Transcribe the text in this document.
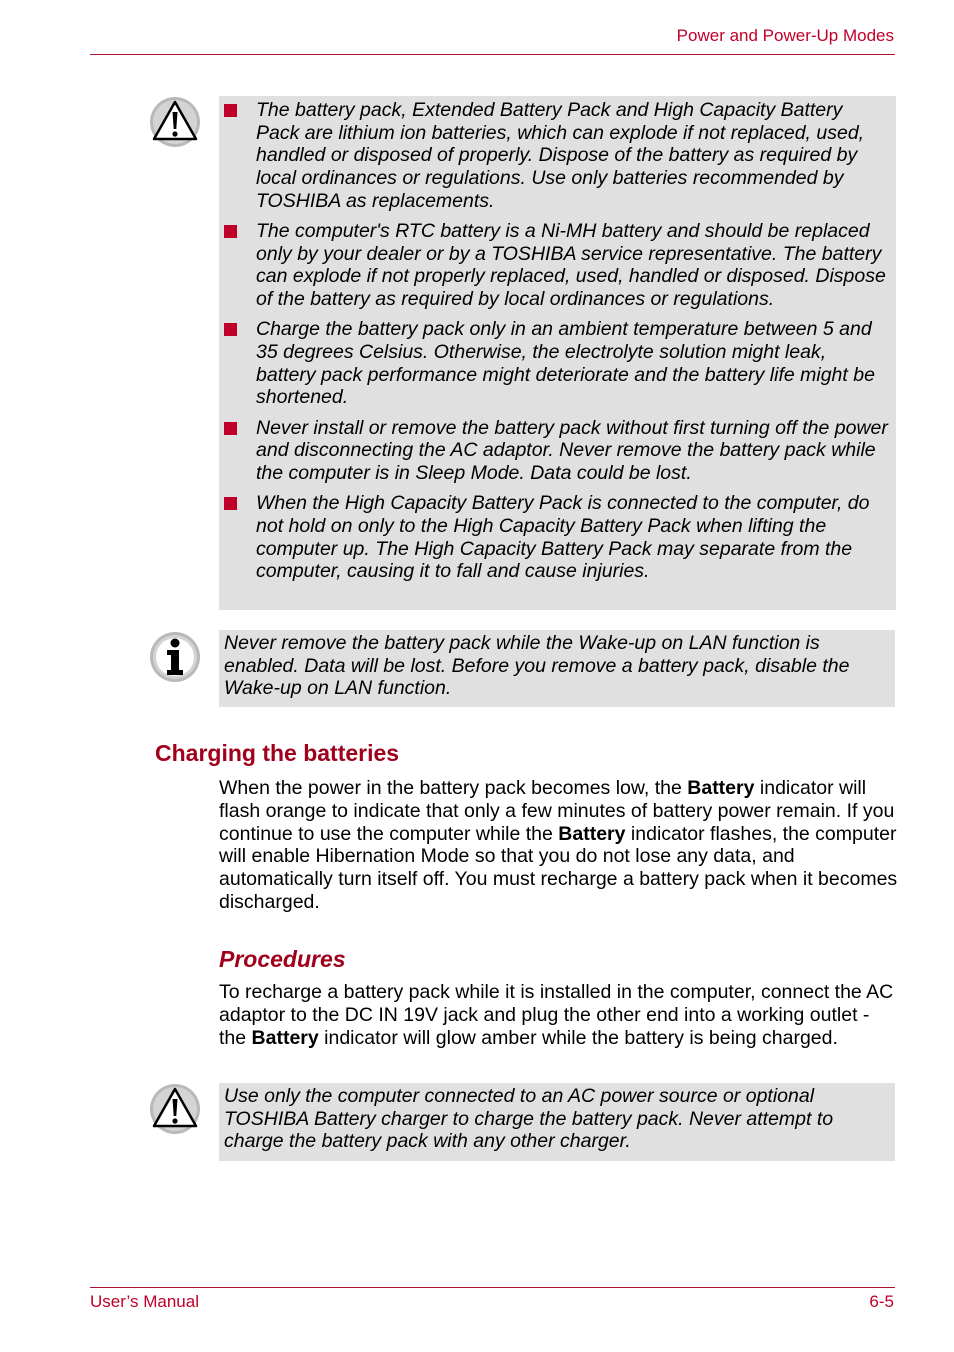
Power and Power-Up Modes
The battery pack, Extended Battery Pack and High Capacity Battery Pack are lithium ion batteries, which can explode if not replaced, used, handled or disposed of properly. Dispose of the battery as required by local ordinances or regulations. Use only batteries recommended by TOSHIBA as replacements.
The computer's RTC battery is a Ni-MH battery and should be replaced only by your dealer or by a TOSHIBA service representative. The battery can explode if not properly replaced, used, handled or disposed. Dispose of the battery as required by local ordinances or regulations.
Charge the battery pack only in an ambient temperature between 5 and 35 degrees Celsius. Otherwise, the electrolyte solution might leak, battery pack performance might deteriorate and the battery life might be shortened.
Never install or remove the battery pack without first turning off the power and disconnecting the AC adaptor. Never remove the battery pack while the computer is in Sleep Mode. Data could be lost.
When the High Capacity Battery Pack is connected to the computer, do not hold on only to the High Capacity Battery Pack when lifting the computer up. The High Capacity Battery Pack may separate from the computer, causing it to fall and cause injuries.
Never remove the battery pack while the Wake-up on LAN function is enabled. Data will be lost. Before you remove a battery pack, disable the Wake-up on LAN function.
Charging the batteries

When the power in the battery pack becomes low, the Battery indicator will flash orange to indicate that only a few minutes of battery power remain. If you continue to use the computer while the Battery indicator flashes, the computer will enable Hibernation Mode so that you do not lose any data, and automatically turn itself off. You must recharge a battery pack when it becomes discharged.

Procedures

To recharge a battery pack while it is installed in the computer, connect the AC adaptor to the DC IN 19V jack and plug the other end into a working outlet - the Battery indicator will glow amber while the battery is being charged.

Use only the computer connected to an AC power source or optional TOSHIBA Battery charger to charge the battery pack. Never attempt to charge the battery pack with any other charger.
User’s Manual	6-5
